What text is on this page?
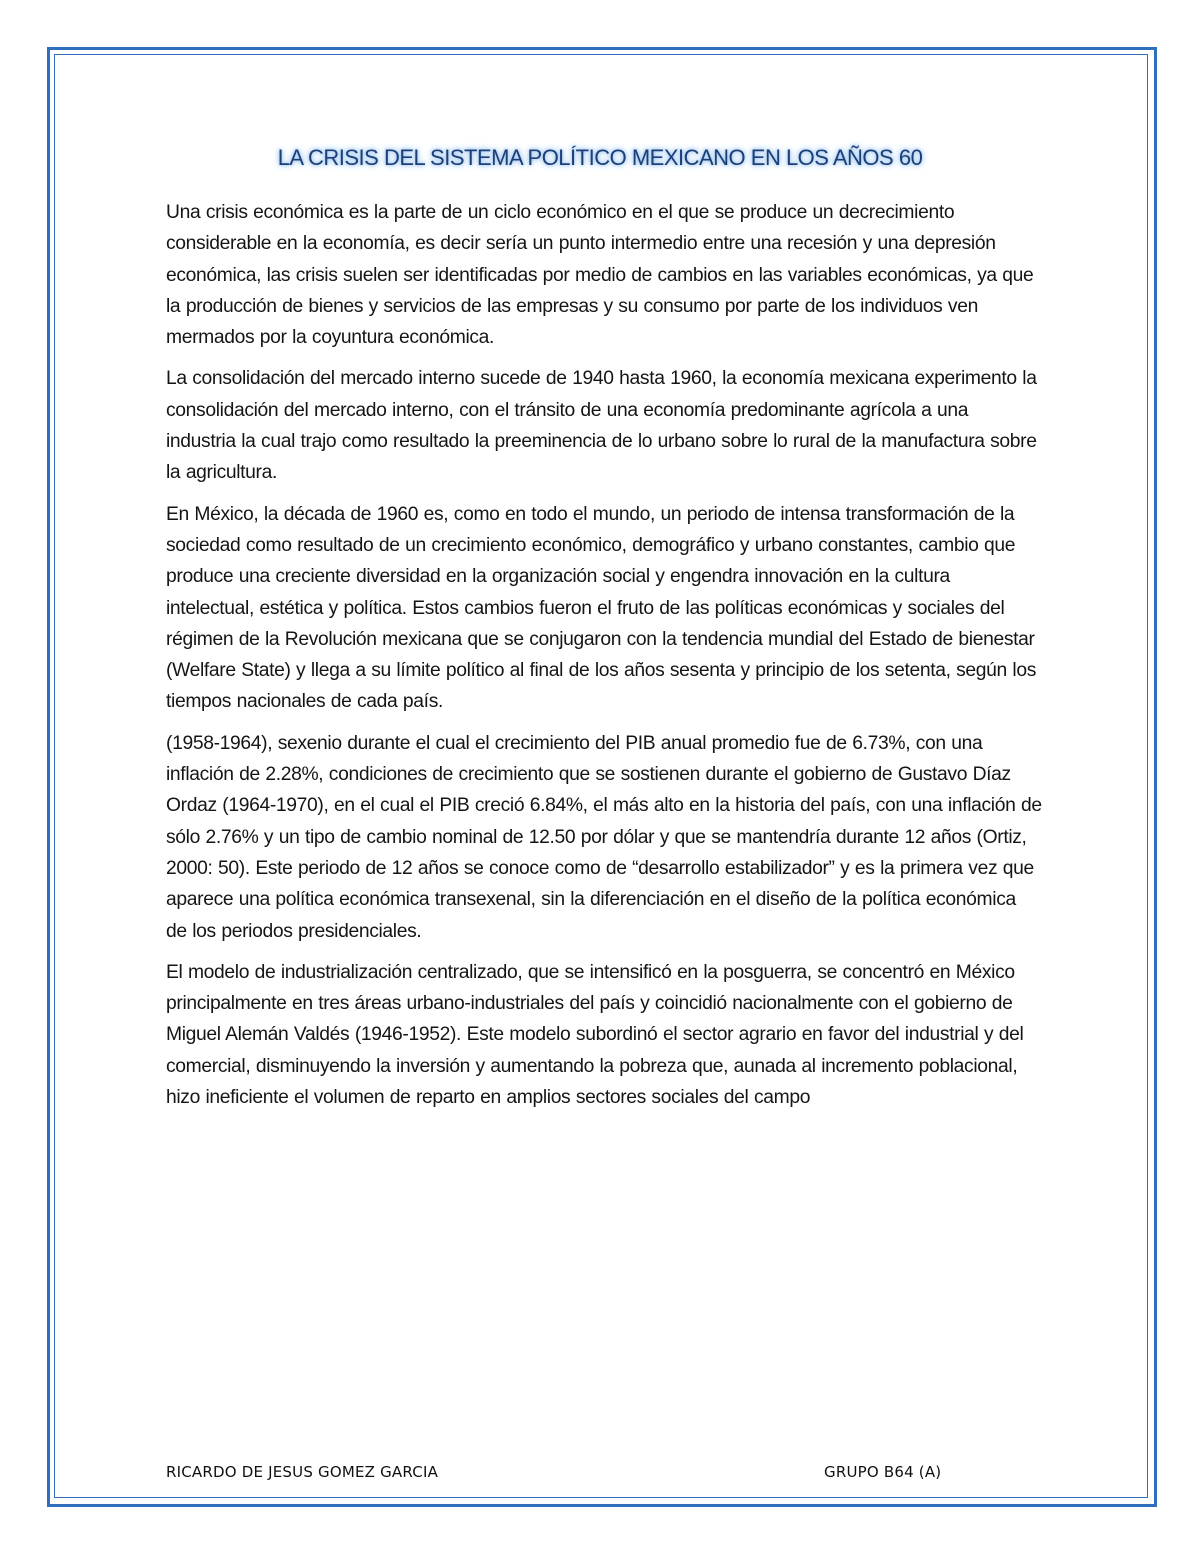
LA CRISIS DEL SISTEMA POLÍTICO MEXICANO EN LOS AÑOS 60

Una crisis económica es la parte de un ciclo económico en el que se produce un decrecimiento considerable en la economía, es decir sería un punto intermedio entre una recesión y una depresión económica, las crisis suelen ser identificadas por medio de cambios en las variables económicas, ya que la producción de bienes y servicios de las empresas y su consumo por parte de los individuos ven mermados por la coyuntura económica.

La consolidación del mercado interno sucede de 1940 hasta 1960, la economía mexicana experimento la consolidación del mercado interno, con el tránsito de una economía predominante agrícola a una industria la cual trajo como resultado la preeminencia de lo urbano sobre lo rural de la manufactura sobre la agricultura.

En México, la década de 1960 es, como en todo el mundo, un periodo de intensa transformación de la sociedad como resultado de un crecimiento económico, demográfico y urbano constantes, cambio que produce una creciente diversidad en la organización social y engendra innovación en la cultura intelectual, estética y política. Estos cambios fueron el fruto de las políticas económicas y sociales del régimen de la Revolución mexicana que se conjugaron con la tendencia mundial del Estado de bienestar (Welfare State) y llega a su límite político al final de los años sesenta y principio de los setenta, según los tiempos nacionales de cada país.

(1958-1964), sexenio durante el cual el crecimiento del PIB anual promedio fue de 6.73%, con una inflación de 2.28%, condiciones de crecimiento que se sostienen durante el gobierno de Gustavo Díaz Ordaz (1964-1970), en el cual el PIB creció 6.84%, el más alto en la historia del país, con una inflación de sólo 2.76% y un tipo de cambio nominal de 12.50 por dólar y que se mantendría durante 12 años (Ortiz, 2000: 50). Este periodo de 12 años se conoce como de “desarrollo estabilizador” y es la primera vez que aparece una política económica transexenal, sin la diferenciación en el diseño de la política económica de los periodos presidenciales.

El modelo de industrialización centralizado, que se intensificó en la posguerra, se concentró en México principalmente en tres áreas urbano-industriales del país y coincidió nacionalmente con el gobierno de Miguel Alemán Valdés (1946-1952). Este modelo subordinó el sector agrario en favor del industrial y del comercial, disminuyendo la inversión y aumentando la pobreza que, aunada al incremento poblacional, hizo ineficiente el volumen de reparto en amplios sectores sociales del campo

RICARDO DE JESUS GOMEZ GARCIA	GRUPO B64 (A)
